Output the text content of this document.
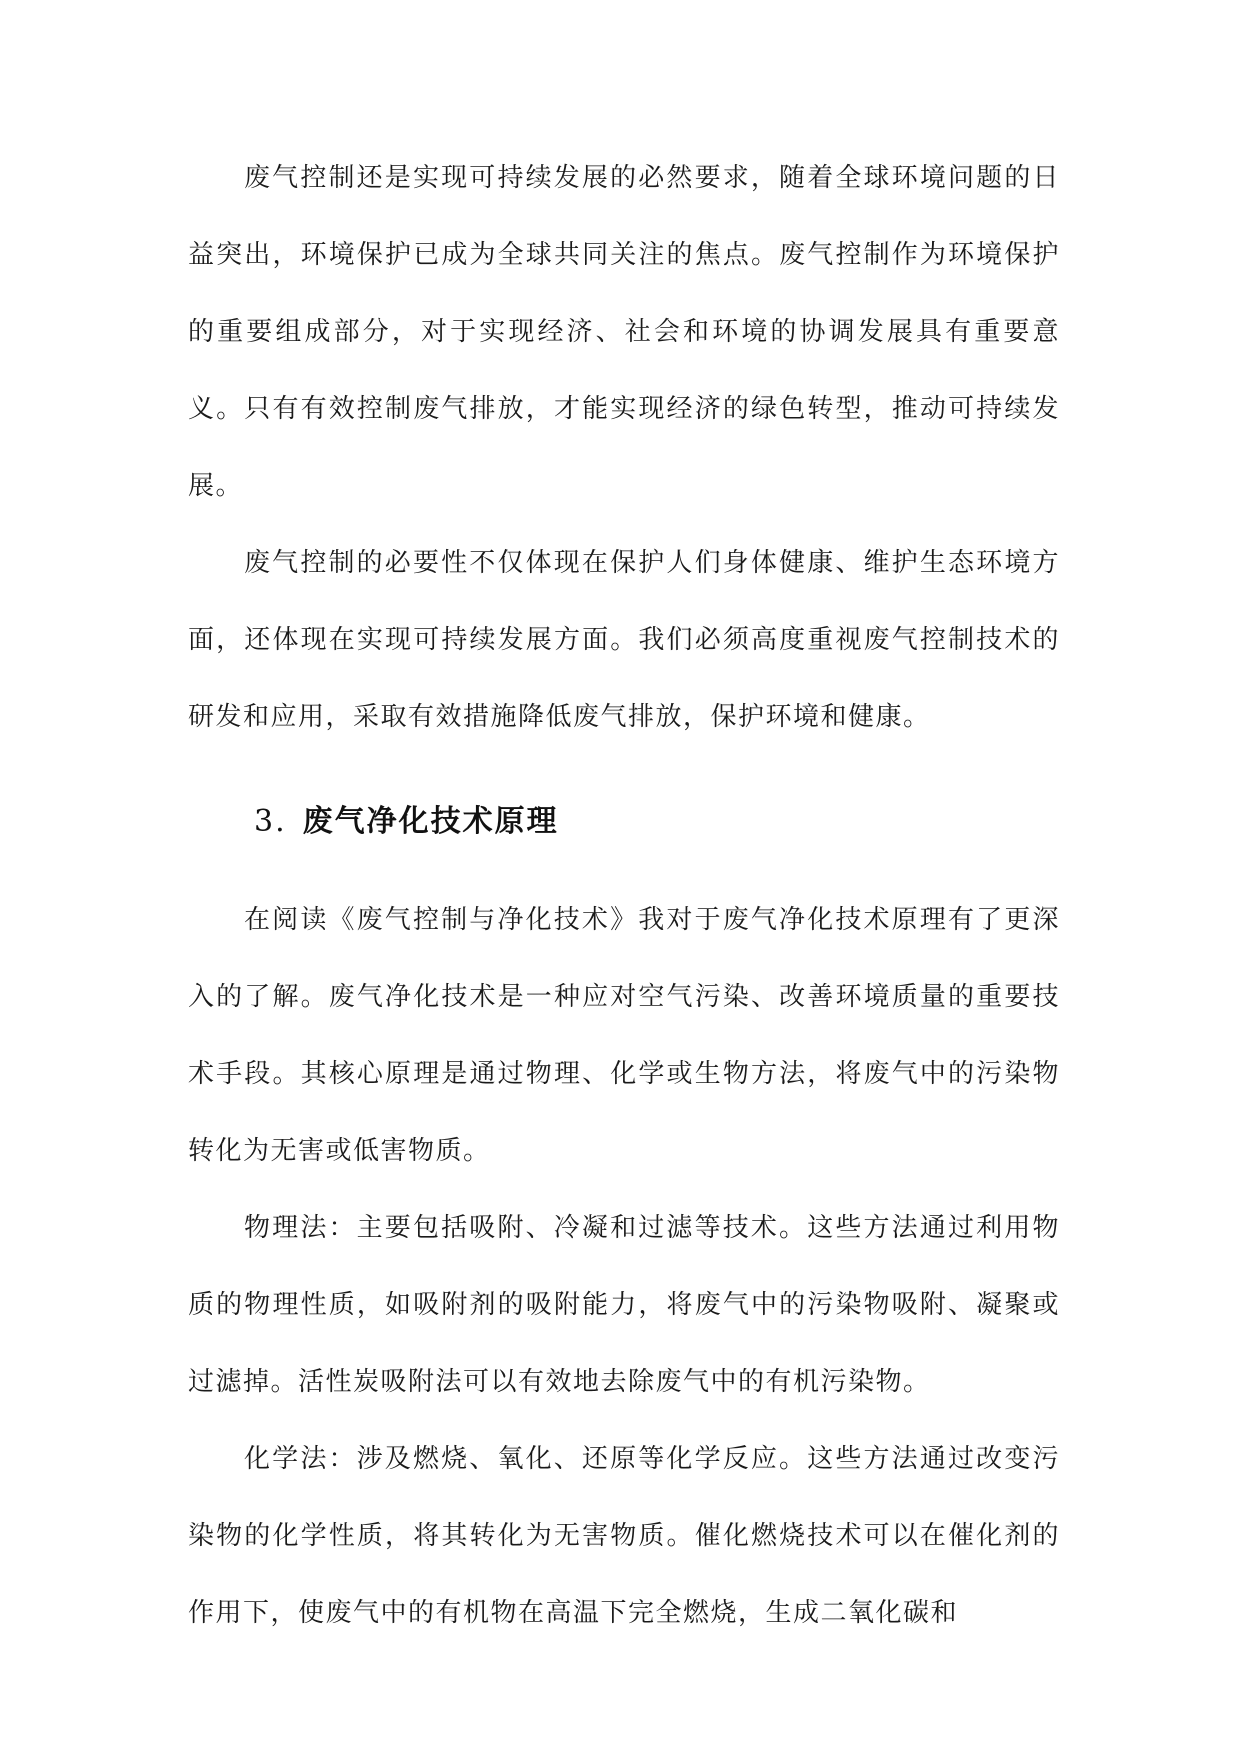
废气控制还是实现可持续发展的必然要求，随着全球环境问题的日益突出，环境保护已成为全球共同关注的焦点。废气控制作为环境保护的重要组成部分，对于实现经济、社会和环境的协调发展具有重要意义。只有有效控制废气排放，才能实现经济的绿色转型，推动可持续发展。

废气控制的必要性不仅体现在保护人们身体健康、维护生态环境方面，还体现在实现可持续发展方面。我们必须高度重视废气控制技术的研发和应用，采取有效措施降低废气排放，保护环境和健康。

3. 废气净化技术原理

在阅读《废气控制与净化技术》我对于废气净化技术原理有了更深入的了解。废气净化技术是一种应对空气污染、改善环境质量的重要技术手段。其核心原理是通过物理、化学或生物方法，将废气中的污染物转化为无害或低害物质。

物理法：主要包括吸附、冷凝和过滤等技术。这些方法通过利用物质的物理性质，如吸附剂的吸附能力，将废气中的污染物吸附、凝聚或过滤掉。活性炭吸附法可以有效地去除废气中的有机污染物。

化学法：涉及燃烧、氧化、还原等化学反应。这些方法通过改变污染物的化学性质，将其转化为无害物质。催化燃烧技术可以在催化剂的作用下，使废气中的有机物在高温下完全燃烧，生成二氧化碳和
